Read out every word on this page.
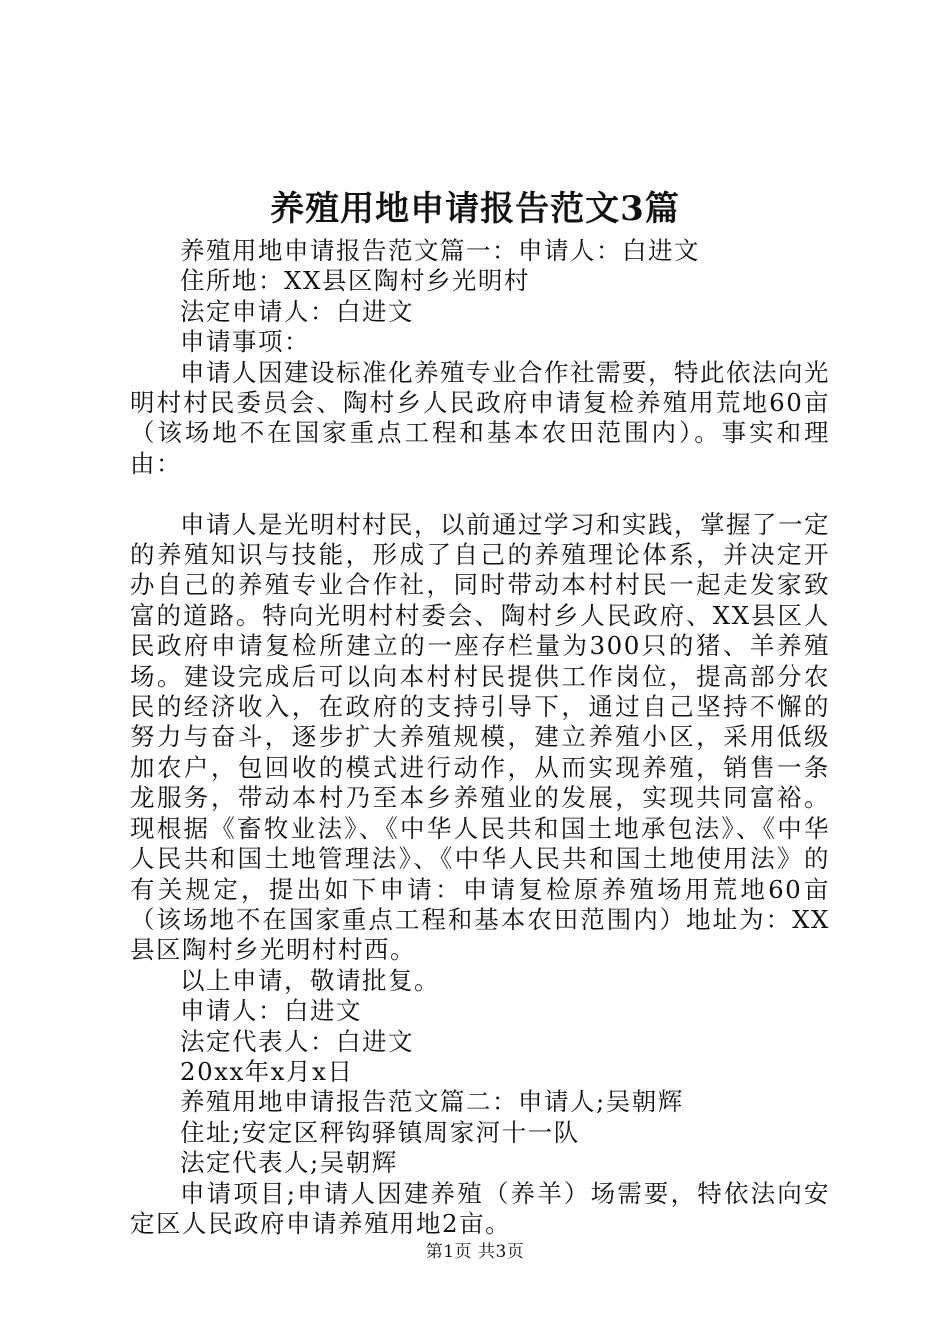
养殖用地申请报告范文3篇

养殖用地申请报告范文篇一：申请人：白进文

住所地：XX县区陶村乡光明村

法定申请人：白进文

申请事项：

申请人因建设标准化养殖专业合作社需要，特此依法向光明村村民委员会、陶村乡人民政府申请复检养殖用荒地60亩（该场地不在国家重点工程和基本农田范围内）。事实和理由：

申请人是光明村村民，以前通过学习和实践，掌握了一定的养殖知识与技能，形成了自己的养殖理论体系，并决定开办自己的养殖专业合作社，同时带动本村村民一起走发家致富的道路。特向光明村村委会、陶村乡人民政府、XX县区人民政府申请复检所建立的一座存栏量为300只的猪、羊养殖场。建设完成后可以向本村村民提供工作岗位，提高部分农民的经济收入，在政府的支持引导下，通过自己坚持不懈的努力与奋斗，逐步扩大养殖规模，建立养殖小区，采用低级加农户，包回收的模式进行动作，从而实现养殖，销售一条龙服务，带动本村乃至本乡养殖业的发展，实现共同富裕。现根据《畜牧业法》、《中华人民共和国土地承包法》、《中华人民共和国土地管理法》、《中华人民共和国土地使用法》的有关规定，提出如下申请：申请复检原养殖场用荒地60亩（该场地不在国家重点工程和基本农田范围内）地址为：XX县区陶村乡光明村村西。

以上申请，敬请批复。

申请人：白进文

法定代表人：白进文

20xx年x月x日

养殖用地申请报告范文篇二：申请人;吴朝辉

住址;安定区秤钩驿镇周家河十一队

法定代表人;吴朝辉

申请项目;申请人因建养殖（养羊）场需要，特依法向安定区人民政府申请养殖用地2亩。

第1页 共3页
